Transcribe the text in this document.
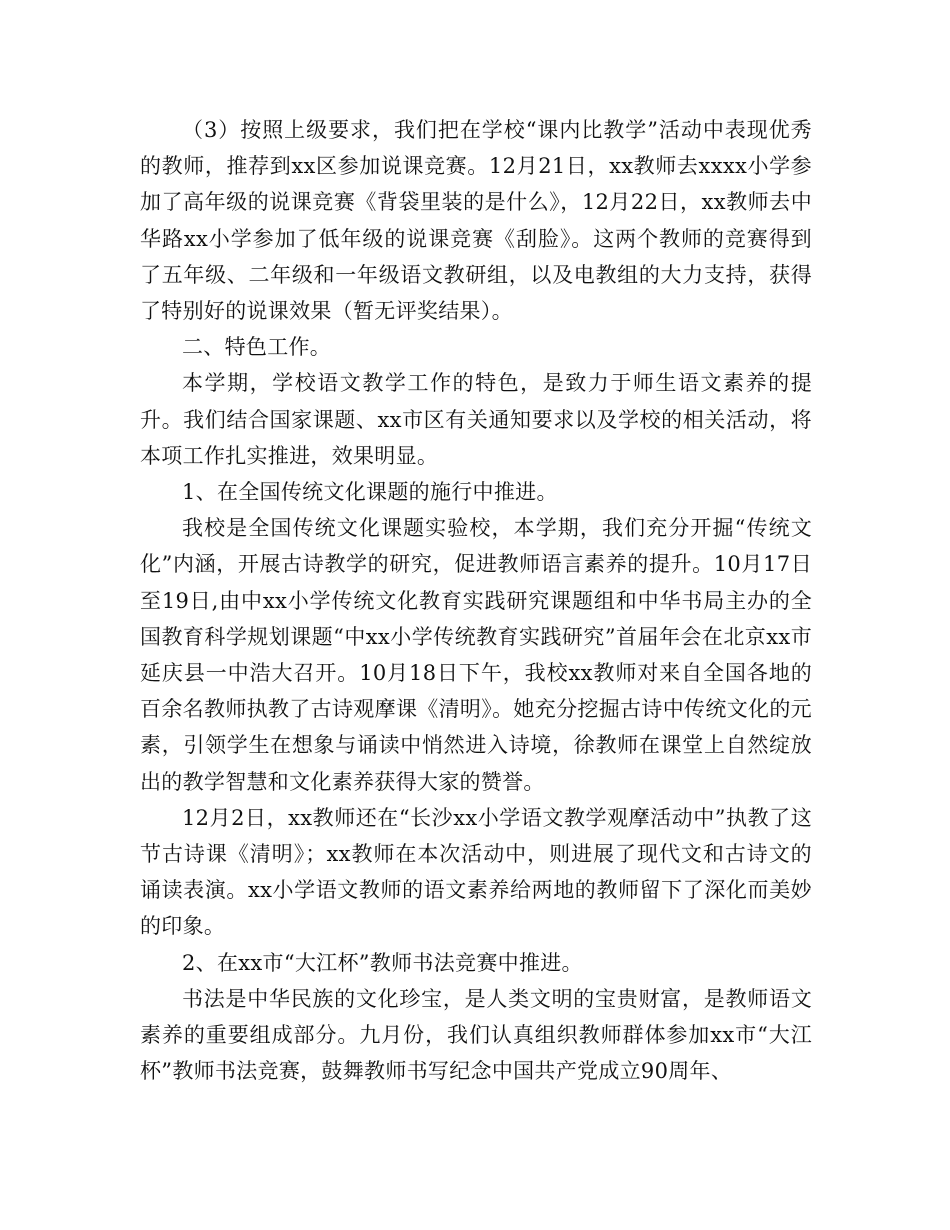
（3）按照上级要求，我们把在学校“课内比教学”活动中表现优秀的教师，推荐到xx区参加说课竞赛。12月21日，xx教师去xxxx小学参加了高年级的说课竞赛《背袋里装的是什么》，12月22日，xx教师去中华路xx小学参加了低年级的说课竞赛《刮脸》。这两个教师的竞赛得到了五年级、二年级和一年级语文教研组，以及电教组的大力支持，获得了特别好的说课效果（暂无评奖结果）。

二、特色工作。

本学期，学校语文教学工作的特色，是致力于师生语文素养的提升。我们结合国家课题、xx市区有关通知要求以及学校的相关活动，将本项工作扎实推进，效果明显。

1、在全国传统文化课题的施行中推进。

我校是全国传统文化课题实验校，本学期，我们充分开掘“传统文化”内涵，开展古诗教学的研究，促进教师语言素养的提升。10月17日至19日,由中xx小学传统文化教育实践研究课题组和中华书局主办的全国教育科学规划课题“中xx小学传统教育实践研究”首届年会在北京xx市延庆县一中浩大召开。10月18日下午，我校xx教师对来自全国各地的百余名教师执教了古诗观摩课《清明》。她充分挖掘古诗中传统文化的元素，引领学生在想象与诵读中悄然进入诗境，徐教师在课堂上自然绽放出的教学智慧和文化素养获得大家的赞誉。

12月2日，xx教师还在“长沙xx小学语文教学观摩活动中”执教了这节古诗课《清明》；xx教师在本次活动中，则进展了现代文和古诗文的诵读表演。xx小学语文教师的语文素养给两地的教师留下了深化而美妙的印象。

2、在xx市“大江杯”教师书法竞赛中推进。

书法是中华民族的文化珍宝，是人类文明的宝贵财富，是教师语文素养的重要组成部分。九月份，我们认真组织教师群体参加xx市“大江杯”教师书法竞赛，鼓舞教师书写纪念中国共产党成立90周年、
